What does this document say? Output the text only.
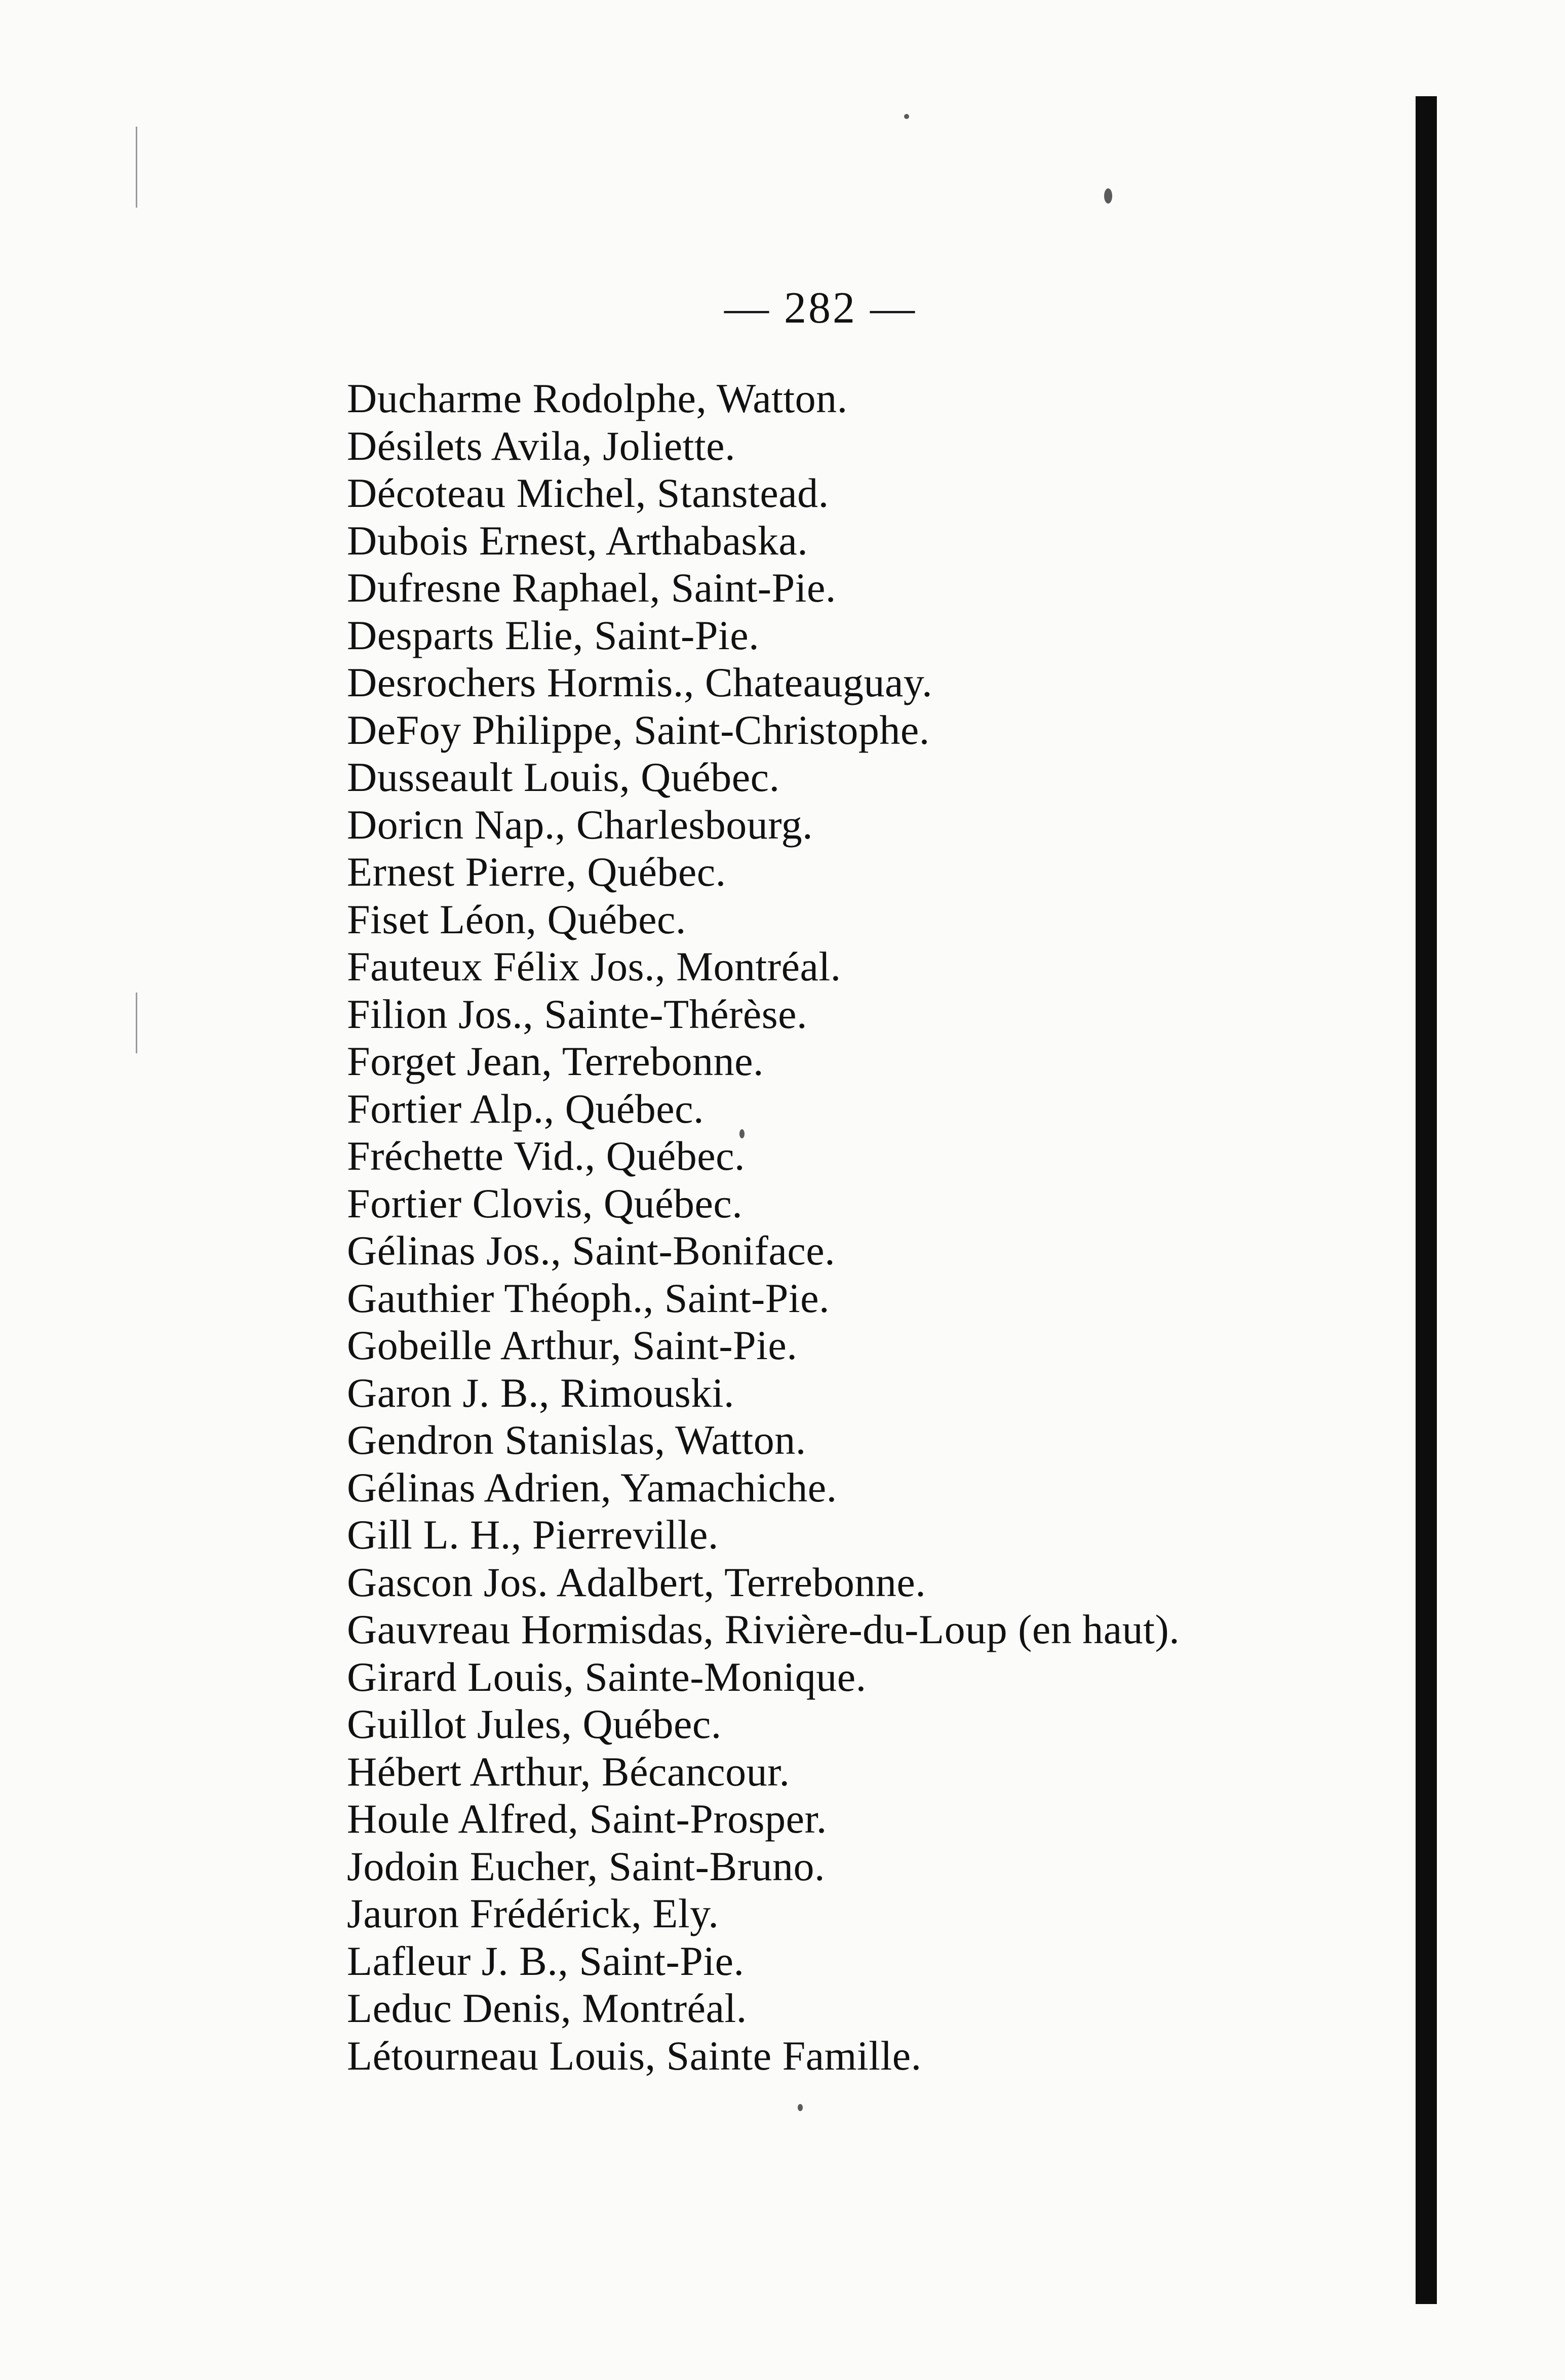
— 282 —
Ducharme Rodolphe, Watton.
Désilets Avila, Joliette.
Décoteau Michel, Stanstead.
Dubois Ernest, Arthabaska.
Dufresne Raphael, Saint-Pie.
Desparts Elie, Saint-Pie.
Desrochers Hormis., Chateauguay.
DeFoy Philippe, Saint-Christophe.
Dusseault Louis, Québec.
Doricn Nap., Charlesbourg.
Ernest Pierre, Québec.
Fiset Léon, Québec.
Fauteux Félix Jos., Montréal.
Filion Jos., Sainte-Thérèse.
Forget Jean, Terrebonne.
Fortier Alp., Québec.
Fréchette Vid., Québec.
Fortier Clovis, Québec.
Gélinas Jos., Saint-Boniface.
Gauthier Théoph., Saint-Pie.
Gobeille Arthur, Saint-Pie.
Garon J. B., Rimouski.
Gendron Stanislas, Watton.
Gélinas Adrien, Yamachiche.
Gill L. H., Pierreville.
Gascon Jos. Adalbert, Terrebonne.
Gauvreau Hormisdas, Rivière-du-Loup (en haut).
Girard Louis, Sainte-Monique.
Guillot Jules, Québec.
Hébert Arthur, Bécancour.
Houle Alfred, Saint-Prosper.
Jodoin Eucher, Saint-Bruno.
Jauron Frédérick, Ely.
Lafleur J. B., Saint-Pie.
Leduc Denis, Montréal.
Létourneau Louis, Sainte Famille.
